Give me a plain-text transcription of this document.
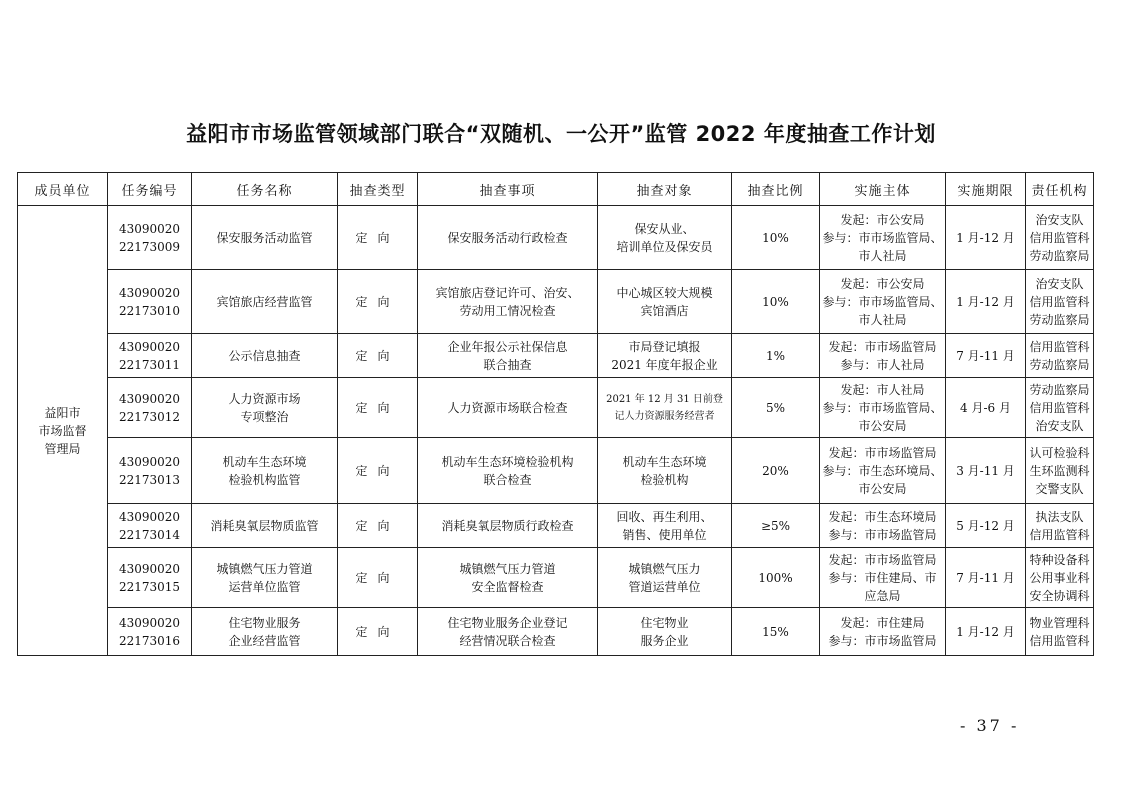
益阳市市场监管领域部门联合“双随机、一公开”监管 2022 年度抽查工作计划
成员单位	任务编号	任务名称	抽查类型	抽查事项	抽查对象	抽查比例	实施主体	实施期限	责任机构

益阳市
市场监督
管理局	43090020
22173009	保安服务活动监管	定向	保安服务活动行政检查	保安从业、
培训单位及保安员	10%	发起：市公安局
参与：市市场监管局、
市人社局	1 月-12 月	治安支队
信用监管科
劳动监察局

	43090020
22173010	宾馆旅店经营监管	定向	宾馆旅店登记许可、治安、
劳动用工情况检查	中心城区较大规模
宾馆酒店	10%	发起：市公安局
参与：市市场监管局、
市人社局	1 月-12 月	治安支队
信用监管科
劳动监察局

	43090020
22173011	公示信息抽查	定向	企业年报公示社保信息
联合抽查	市局登记填报
2021 年度年报企业	1%	发起：市市场监管局
参与：市人社局	7 月-11 月	信用监管科
劳动监察局

	43090020
22173012	人力资源市场
专项整治	定向	人力资源市场联合检查	2021 年 12 月 31 日前登
记人力资源服务经营者	5%	发起：市人社局
参与：市市场监管局、
市公安局	4 月-6 月	劳动监察局
信用监管科
治安支队

	43090020
22173013	机动车生态环境
检验机构监管	定向	机动车生态环境检验机构
联合检查	机动车生态环境
检验机构	20%	发起：市市场监管局
参与：市生态环境局、
市公安局	3 月-11 月	认可检验科
生环监测科
交警支队

	43090020
22173014	消耗臭氧层物质监管	定向	消耗臭氧层物质行政检查	回收、再生利用、
销售、使用单位	≥5%	发起：市生态环境局
参与：市市场监管局	5 月-12 月	执法支队
信用监管科

	43090020
22173015	城镇燃气压力管道
运营单位监管	定向	城镇燃气压力管道
安全监督检查	城镇燃气压力
管道运营单位	100%	发起：市市场监管局
参与：市住建局、市
应急局	7 月-11 月	特种设备科
公用事业科
安全协调科

	43090020
22173016	住宅物业服务
企业经营监管	定向	住宅物业服务企业登记
经营情况联合检查	住宅物业
服务企业	15%	发起：市住建局
参与：市市场监管局	1 月-12 月	物业管理科
信用监管科
- 37 -
